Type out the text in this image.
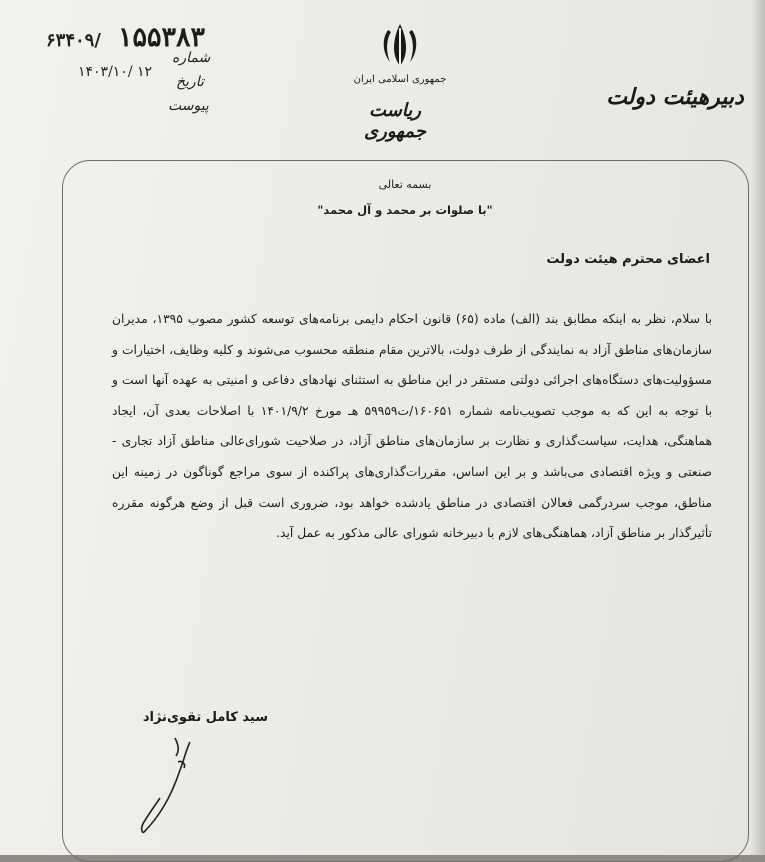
۶۳۴۰۹/ ۱۵۵۳۸۳
شماره
۱۴۰۳/۱۰/ ۱۲
تاریخ
پیوست
جمهوری اسلامی ایران
ریاست جمهوری
دبیرهیئت دولت
بسمه تعالی
"با صلوات بر محمد و آل محمد"
اعضای محترم هیئت دولت
با سلام، نظر به اینکه مطابق بند (الف) ماده (۶۵) قانون احکام دایمی برنامه‌های توسعه کشور مصوب ۱۳۹۵، مدیران سازمان‌های مناطق آزاد به نمایندگی از طرف دولت، بالاترین مقام منطقه محسوب می‌شوند و کلیه وظایف، اختیارات و مسؤولیت‌های دستگاه‌های اجرائی دولتی مستقر در این مناطق به استثنای نهادهای دفاعی و امنیتی به عهده آنها است و با توجه به این که به موجب تصویب‌نامه شماره ۱۶۰۶۵۱/ت۵۹۹۵۹ هـ مورخ ۱۴۰۱/۹/۲ با اصلاحات بعدی آن، ایجاد هماهنگی، هدایت، سیاست‌گذاری و نظارت بر سازمان‌های مناطق آزاد، در صلاحیت شورای‌عالی مناطق آزاد تجاری - صنعتی و ویژه اقتصادی می‌باشد و بر این اساس، مقررات‌گذاری‌های پراکنده از سوی مراجع گوناگون در زمینه این مناطق، موجب سردرگمی فعالان اقتصادی در مناطق یادشده خواهد بود، ضروری است قبل از وضع هرگونه مقرره تأثیرگذار بر مناطق آزاد، هماهنگی‌های لازم با دبیرخانه شورای عالی مذکور به عمل آید.
سید کامل تقوی‌نژاد
